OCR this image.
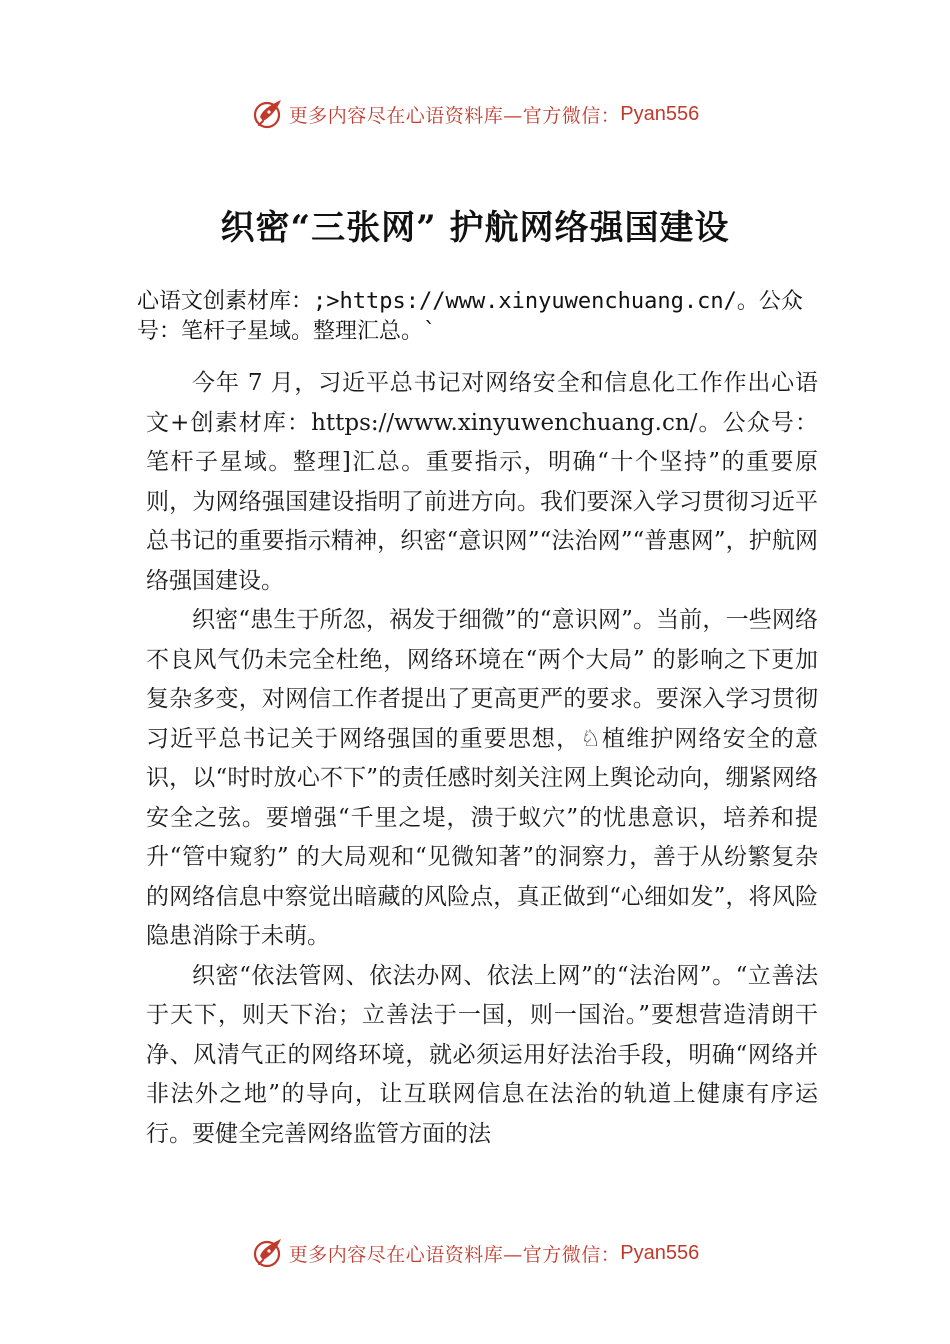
更多内容尽在心语资料库—官方微信： Pyan556
织密“三张网” 护航网络强国建设

心语文创素材库：;>https://www.xinyuwenchuang.cn/。公众号：笔杆子星域。整理汇总。`

今年 7 月，习近平总书记对网络安全和信息化工作作出心语文+创素材库：https://www.xinyuwenchuang.cn/。公众号：笔杆子星域。整理]汇总。重要指示，明确“十个坚持”的重要原则，为网络强国建设指明了前进方向。我们要深入学习贯彻习近平总书记的重要指示精神，织密“意识网”“法治网”“普惠网”，护航网络强国建设。

织密“患生于所忽，祸发于细微”的“意识网”。当前，一些网络不良风气仍未完全杜绝，网络环境在“两个大局” 的影响之下更加复杂多变，对网信工作者提出了更高更严的要求。要深入学习贯彻习近平总书记关于网络强国的重要思想，♘植维护网络安全的意识，以“时时放心不下”的责任感时刻关注网上舆论动向，绷紧网络安全之弦。要增强“千里之堤，溃于蚁穴”的忧患意识，培养和提升“管中窥豹” 的大局观和“见微知著”的洞察力，善于从纷繁复杂的网络信息中察觉出暗藏的风险点，真正做到“心细如发”，将风险隐患消除于未萌。

织密“依法管网、依法办网、依法上网”的“法治网”。“立善法于天下，则天下治；立善法于一国，则一国治。”要想营造清朗干净、风清气正的网络环境，就必须运用好法治手段，明确“网络并非法外之地”的导向，让互联网信息在法治的轨道上健康有序运行。要健全完善网络监管方面的法

更多内容尽在心语资料库—官方微信： Pyan556
